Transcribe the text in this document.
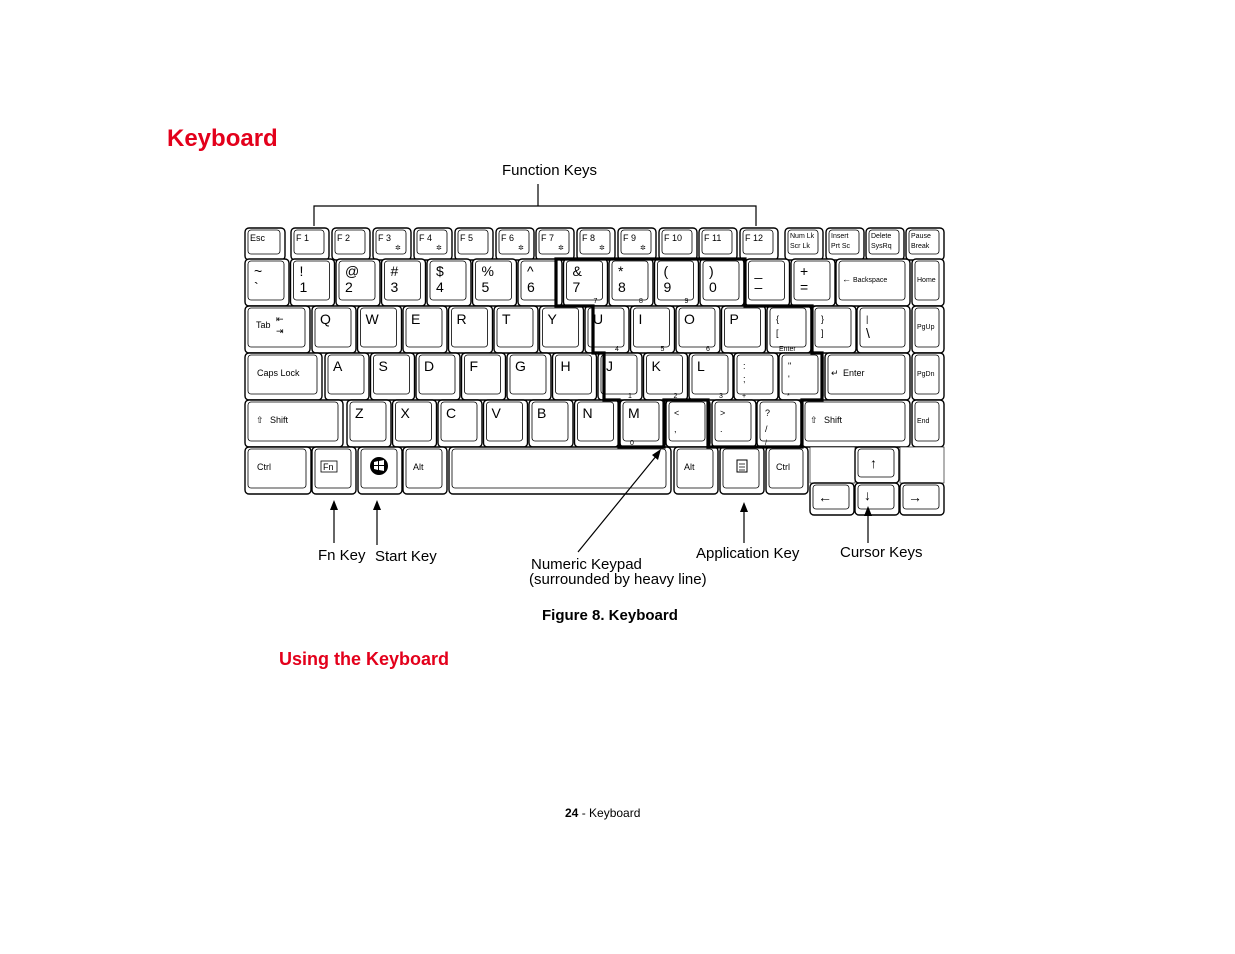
Keyboard
Function Keys
Fn Key Start Key	Numeric Keypad
(surrounded by heavy line)
Application Key	Cursor Keys
Esc	F 1	F 2	F 3
✲
F 4
✲
F 5	F 6
✲
F 7
✲
F 8
✲
F 9
✲
F 10 F 11	F 12	Num Lk
Scr Lk
Insert
Prt Sc
Delete
SysRq
Pause
Break
~
`
!
1
@
2
#
3
$
4
%
5
^
6
&
7
7
*
8
8
(
9
9
)
0
_
–
+
=	← Backspace	Home
Tab
⇤
⇥
Q W E	R	T	Y	U
4
I
5
O
6
P	{
[
Enter
}
]
|
\	PgUp
Caps Lock A	S	D	F	G H	J
1
K
2
L
3
:
;
+
"
'
*
↵ Enter	PgDn
⇧ Shift	Z	X	C	V	B	N	M
0
<
,
>
.
?
/
/
⇧ Shift	End
Ctrl	Fn	Alt	Alt	Ctrl	↑
← ↓	→
Figure 8. Keyboard
Using the Keyboard
24 - Keyboard
